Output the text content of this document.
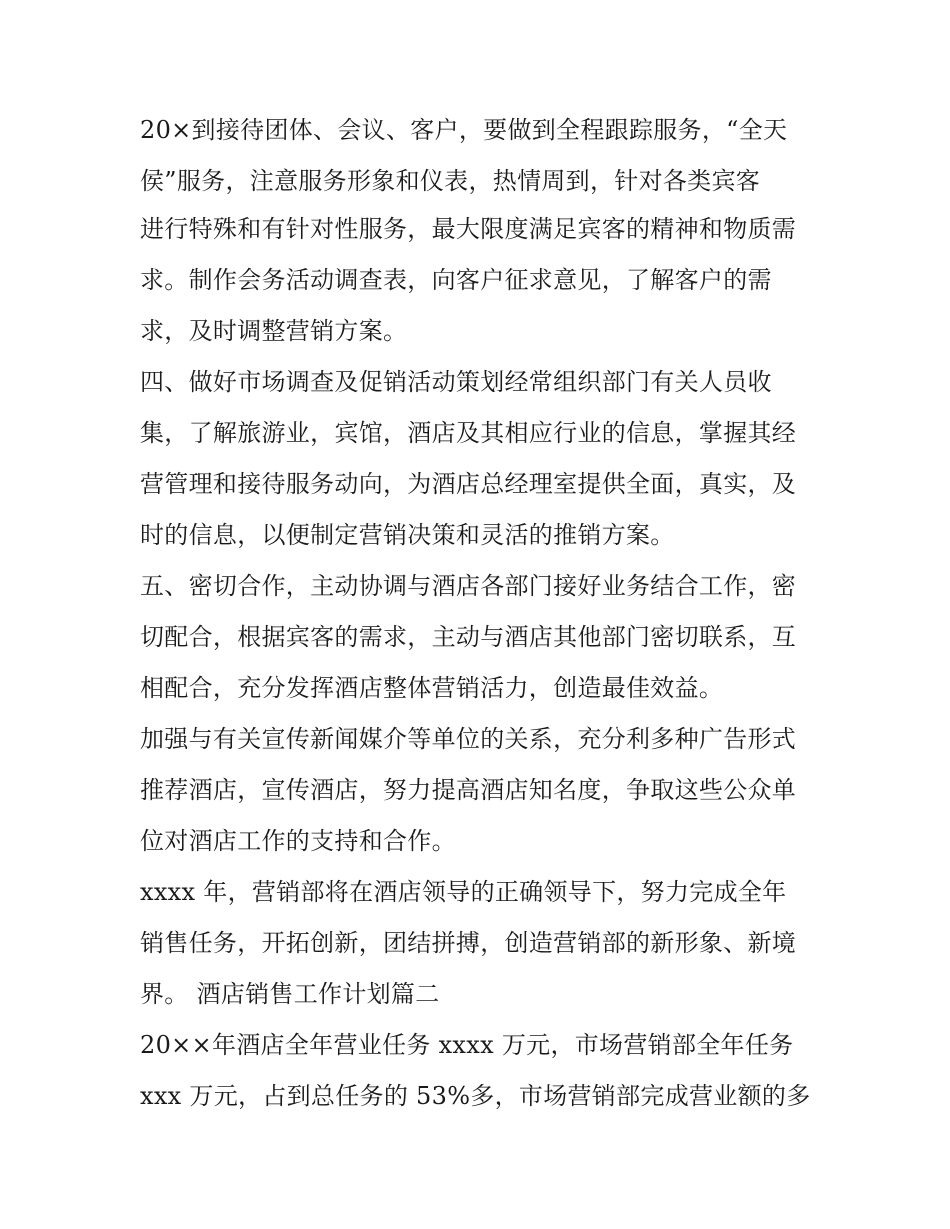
20×到接待团体、会议、客户，要做到全程跟踪服务，“全天
侯”服务，注意服务形象和仪表，热情周到，针对各类宾客
进行特殊和有针对性服务，最大限度满足宾客的精神和物质需
求。制作会务活动调查表，向客户征求意见，了解客户的需
求，及时调整营销方案。
四、做好市场调查及促销活动策划经常组织部门有关人员收
集，了解旅游业，宾馆，酒店及其相应行业的信息，掌握其经
营管理和接待服务动向，为酒店总经理室提供全面，真实，及
时的信息，以便制定营销决策和灵活的推销方案。
五、密切合作，主动协调与酒店各部门接好业务结合工作，密
切配合，根据宾客的需求，主动与酒店其他部门密切联系，互
相配合，充分发挥酒店整体营销活力，创造最佳效益。
加强与有关宣传新闻媒介等单位的关系，充分利多种广告形式
推荐酒店，宣传酒店，努力提高酒店知名度，争取这些公众单
位对酒店工作的支持和合作。
xxxx 年，营销部将在酒店领导的正确领导下，努力完成全年
销售任务，开拓创新，团结拼搏，创造营销部的新形象、新境
界。 酒店销售工作计划篇二
20××年酒店全年营业任务 xxxx 万元，市场营销部全年任务
xxx 万元，占到总任务的 53%多，市场营销部完成营业额的多
